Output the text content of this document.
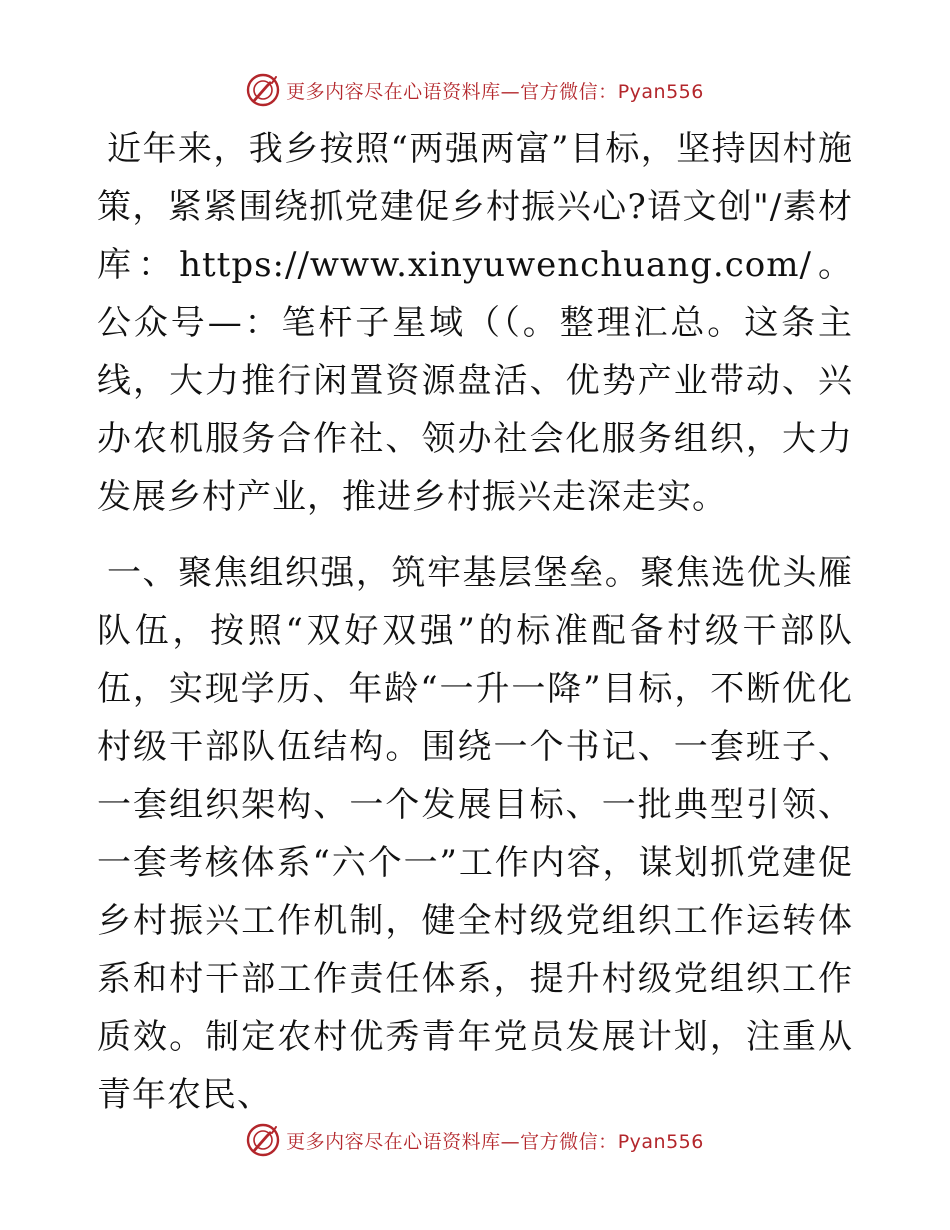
更多内容尽在心语资料库—官方微信：Pyan556

近年来，我乡按照“两强两富”目标，坚持因村施策，紧紧围绕抓党建促乡村振兴心?语文创"/素材库：https://www.xinyuwenchuang.com/。公众号—：笔杆子星域（（。整理汇总。这条主线，大力推行闲置资源盘活、优势产业带动、兴办农机服务合作社、领办社会化服务组织，大力发展乡村产业，推进乡村振兴走深走实。

一、聚焦组织强，筑牢基层堡垒。聚焦选优头雁队伍，按照“双好双强”的标准配备村级干部队伍，实现学历、年龄“一升一降”目标，不断优化村级干部队伍结构。围绕一个书记、一套班子、一套组织架构、一个发展目标、一批典型引领、一套考核体系“六个一”工作内容，谋划抓党建促乡村振兴工作机制，健全村级党组织工作运转体系和村干部工作责任体系，提升村级党组织工作质效。制定农村优秀青年党员发展计划，注重从青年农民、

更多内容尽在心语资料库—官方微信：Pyan556
